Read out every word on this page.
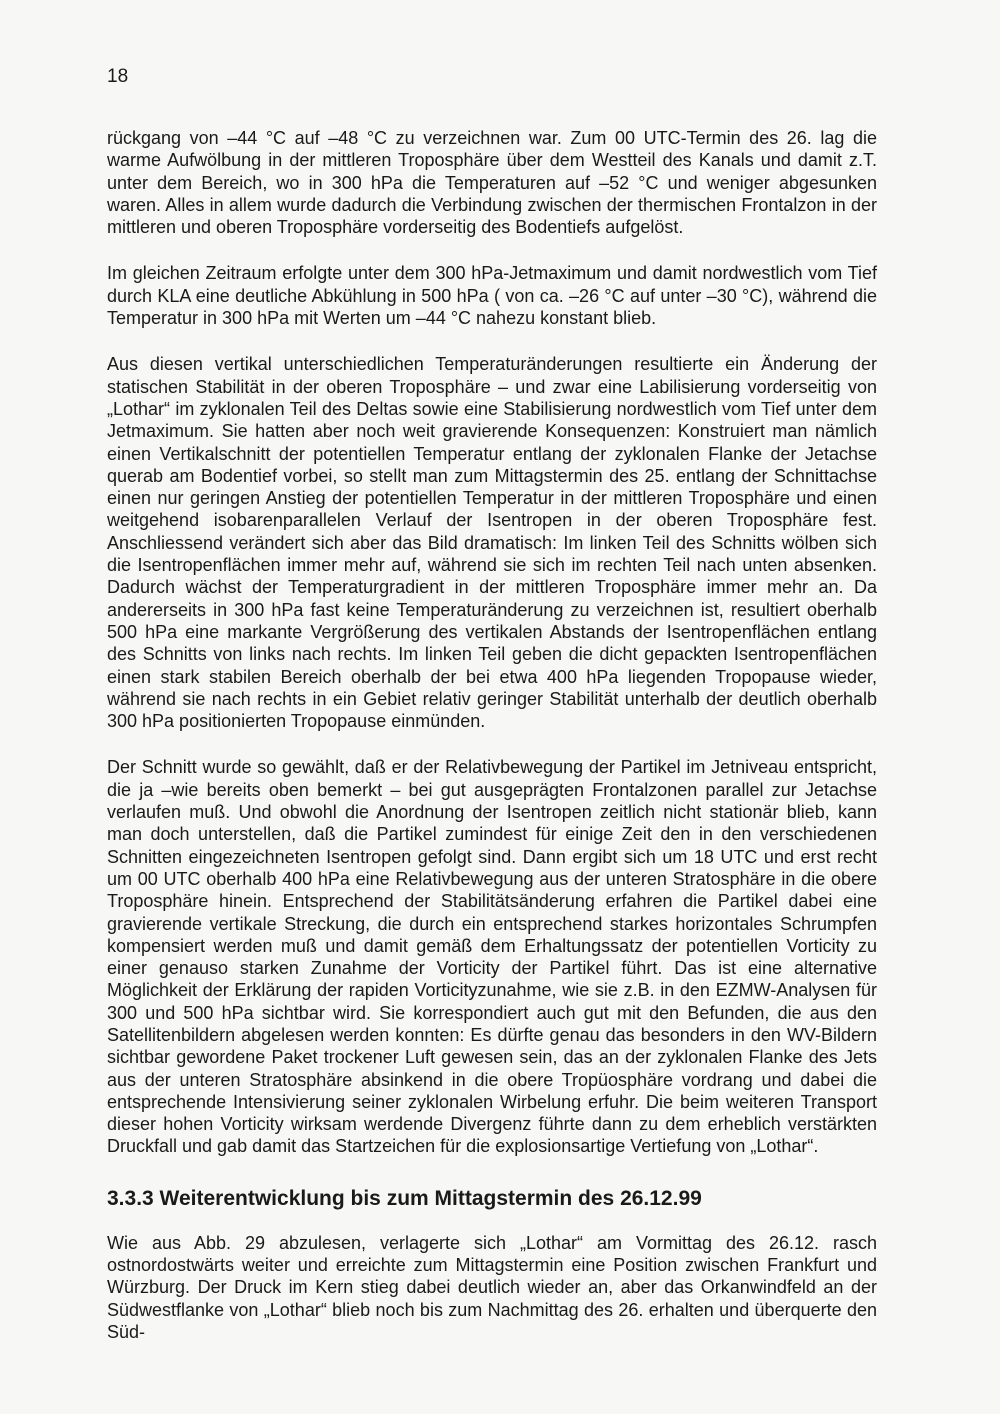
18

rückgang von –44 °C auf –48 °C zu verzeichnen war. Zum 00 UTC-Termin des 26. lag die warme Aufwölbung in der mittleren Troposphäre über dem Westteil des Kanals und damit z.T. unter dem Bereich, wo in 300 hPa die Temperaturen auf –52 °C und weniger abgesunken waren. Alles in allem wurde dadurch die Verbindung zwischen der thermischen Frontalzon in der mittleren und oberen Troposphäre vorderseitig des Bodentiefs aufgelöst.

Im gleichen Zeitraum erfolgte unter dem 300 hPa-Jetmaximum und damit nordwestlich vom Tief durch KLA eine deutliche Abkühlung in 500 hPa ( von ca. –26 °C auf unter –30 °C), während die Temperatur in 300 hPa mit Werten um –44 °C nahezu konstant blieb.

Aus diesen vertikal unterschiedlichen Temperaturänderungen resultierte ein Änderung der statischen Stabilität in der oberen Troposphäre – und zwar eine Labilisierung vorderseitig von „Lothar“ im zyklonalen Teil des Deltas sowie eine Stabilisierung nordwestlich vom Tief unter dem Jetmaximum. Sie hatten aber noch weit gravierende Konsequenzen: Konstruiert man nämlich einen Vertikalschnitt der potentiellen Temperatur entlang der zyklonalen Flanke der Jetachse querab am Bodentief vorbei, so stellt man zum Mittagstermin des 25. entlang der Schnittachse einen nur geringen Anstieg der potentiellen Temperatur in der mittleren Troposphäre und einen weitgehend isobarenparallelen Verlauf der Isentropen in der oberen Troposphäre fest. Anschliessend verändert sich aber das Bild dramatisch: Im linken Teil des Schnitts wölben sich die Isentropenflächen immer mehr auf, während sie sich im rechten Teil nach unten absenken. Dadurch wächst der Temperaturgradient in der mittleren Troposphäre immer mehr an. Da andererseits in 300 hPa fast keine Temperaturänderung zu verzeichnen ist, resultiert oberhalb 500 hPa eine markante Vergrößerung des vertikalen Abstands der Isentropenflächen entlang des Schnitts von links nach rechts. Im linken Teil geben die dicht gepackten Isentropenflächen einen stark stabilen Bereich oberhalb der bei etwa 400 hPa liegenden Tropopause wieder, während sie nach rechts in ein Gebiet relativ geringer Stabilität unterhalb der deutlich oberhalb 300 hPa positionierten Tropopause einmünden.

Der Schnitt wurde so gewählt, daß er der Relativbewegung der Partikel im Jetniveau entspricht, die ja –wie bereits oben bemerkt – bei gut ausgeprägten Frontalzonen parallel zur Jetachse verlaufen muß. Und obwohl die Anordnung der Isentropen zeitlich nicht stationär blieb, kann man doch unterstellen, daß die Partikel zumindest für einige Zeit den in den verschiedenen Schnitten eingezeichneten Isentropen gefolgt sind. Dann ergibt sich um 18 UTC und erst recht um 00 UTC oberhalb 400 hPa eine Relativbewegung aus der unteren Stratosphäre in die obere Troposphäre hinein. Entsprechend der Stabilitätsänderung erfahren die Partikel dabei eine gravierende vertikale Streckung, die durch ein entsprechend starkes horizontales Schrumpfen kompensiert werden muß und damit gemäß dem Erhaltungssatz der potentiellen Vorticity zu einer genauso starken Zunahme der Vorticity der Partikel führt. Das ist eine alternative Möglichkeit der Erklärung der rapiden Vorticityzunahme, wie sie z.B. in den EZMW-Analysen für 300 und 500 hPa sichtbar wird. Sie korrespondiert auch gut mit den Befunden, die aus den Satellitenbildern abgelesen werden konnten: Es dürfte genau das besonders in den WV-Bildern sichtbar gewordene Paket trockener Luft gewesen sein, das an der zyklonalen Flanke des Jets aus der unteren Stratosphäre absinkend in die obere Tropüosphäre vordrang und dabei die entsprechende Intensivierung seiner zyklonalen Wirbelung erfuhr. Die beim weiteren Transport dieser hohen Vorticity wirksam werdende Divergenz führte dann zu dem erheblich verstärkten Druckfall und gab damit das Startzeichen für die explosionsartige Vertiefung von „Lothar“.

3.3.3 Weiterentwicklung bis zum Mittagstermin des 26.12.99

Wie aus Abb. 29 abzulesen, verlagerte sich „Lothar“ am Vormittag des 26.12. rasch ostnordostwärts weiter und erreichte zum Mittagstermin eine Position zwischen Frankfurt und Würzburg. Der Druck im Kern stieg dabei deutlich wieder an, aber das Orkanwindfeld an der Südwestflanke von „Lothar“ blieb noch bis zum Nachmittag des 26. erhalten und überquerte den Süd-
